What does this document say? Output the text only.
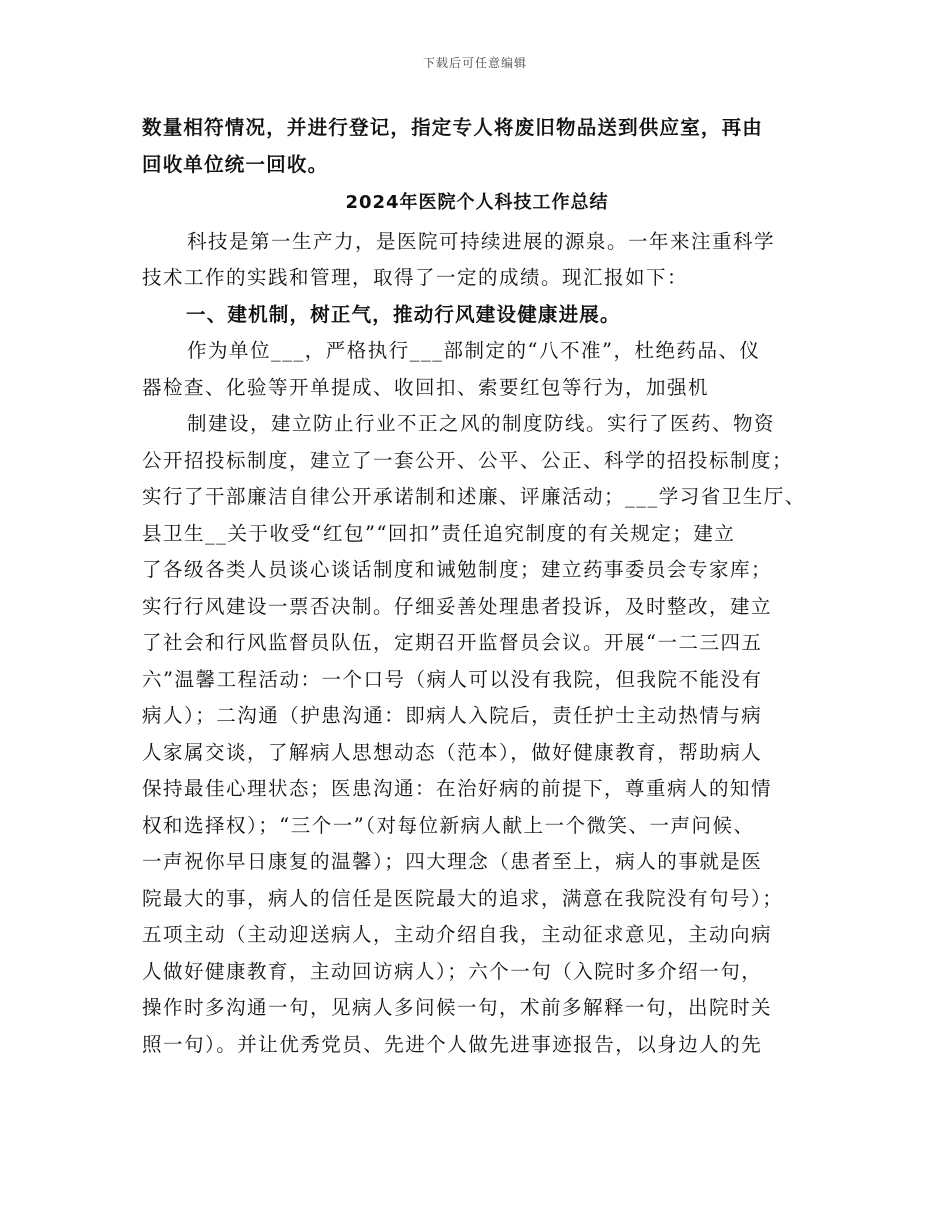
下载后可任意编辑
数量相符情况，并进行登记，指定专人将废旧物品送到供应室，再由
回收单位统一回收。
2024年医院个人科技工作总结
科技是第一生产力，是医院可持续进展的源泉。一年来注重科学
技术工作的实践和管理，取得了一定的成绩。现汇报如下：
一、建机制，树正气，推动行风建设健康进展。
作为单位___，严格执行___部制定的“八不准”，杜绝药品、仪
器检查、化验等开单提成、收回扣、索要红包等行为，加强机
制建设，建立防止行业不正之风的制度防线。实行了医药、物资
公开招投标制度，建立了一套公开、公平、公正、科学的招投标制度；
实行了干部廉洁自律公开承诺制和述廉、评廉活动；___学习省卫生厅、
县卫生__关于收受“红包”“回扣”责任追究制度的有关规定；建立
了各级各类人员谈心谈话制度和诫勉制度；建立药事委员会专家库；
实行行风建设一票否决制。仔细妥善处理患者投诉，及时整改，建立
了社会和行风监督员队伍，定期召开监督员会议。开展“一二三四五
六”温馨工程活动：一个口号（病人可以没有我院，但我院不能没有
病人）；二沟通（护患沟通：即病人入院后，责任护士主动热情与病
人家属交谈，了解病人思想动态（范本），做好健康教育，帮助病人
保持最佳心理状态；医患沟通：在治好病的前提下，尊重病人的知情
权和选择权）；“三个一”（对每位新病人献上一个微笑、一声问候、
一声祝你早日康复的温馨）；四大理念（患者至上，病人的事就是医
院最大的事，病人的信任是医院最大的追求，满意在我院没有句号）；
五项主动（主动迎送病人，主动介绍自我，主动征求意见，主动向病
人做好健康教育，主动回访病人）；六个一句（入院时多介绍一句，
操作时多沟通一句，见病人多问候一句，术前多解释一句，出院时关
照一句）。并让优秀党员、先进个人做先进事迹报告，以身边人的先
